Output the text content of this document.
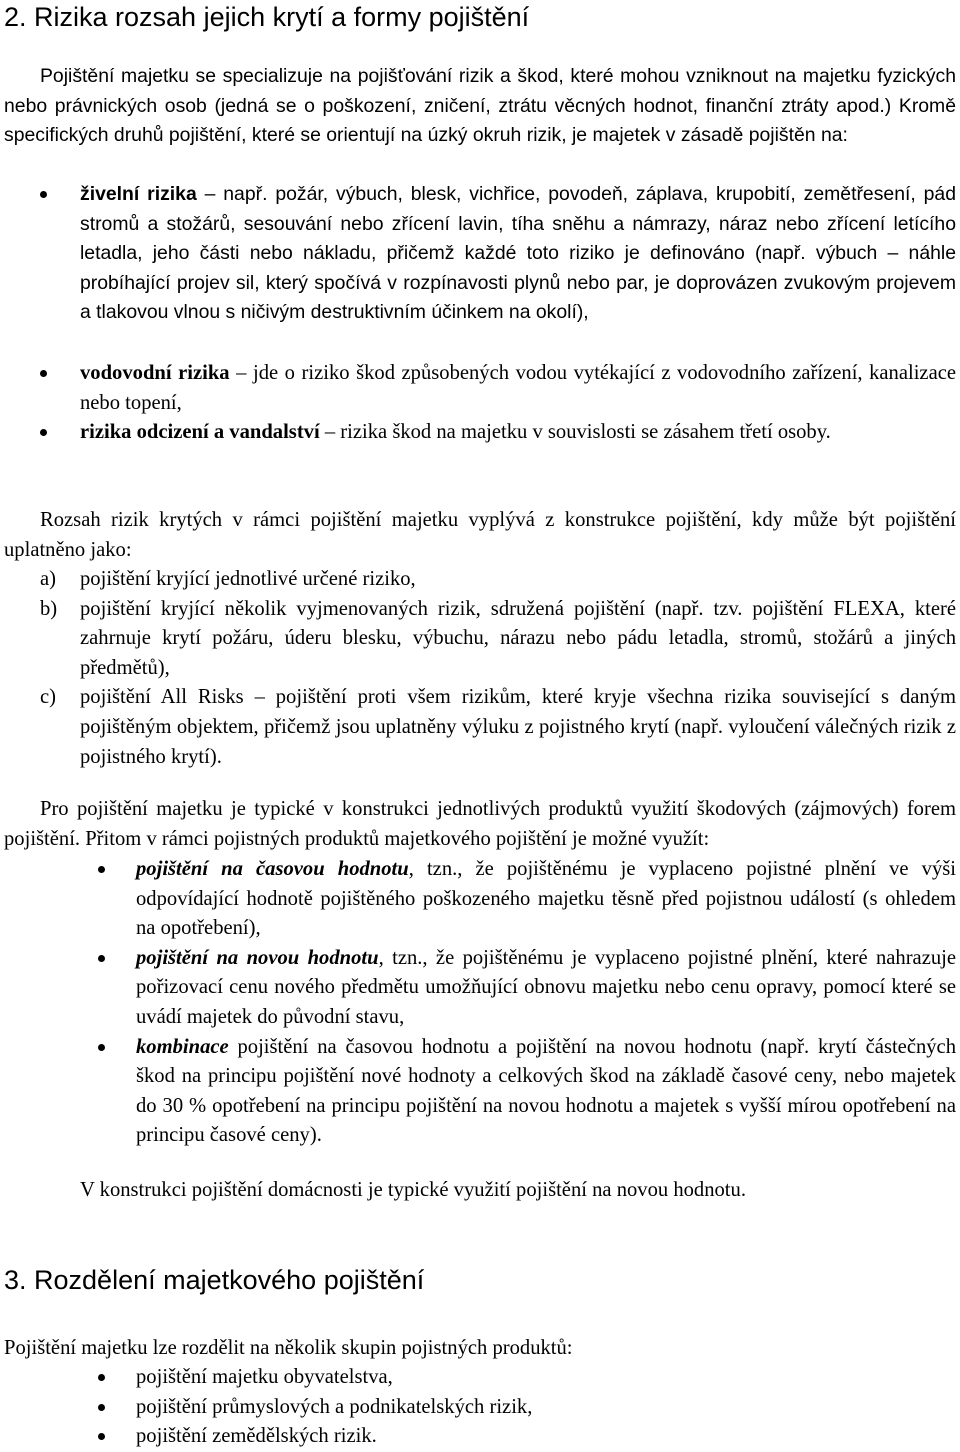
2. Rizika rozsah jejich krytí a formy pojištění

Pojištění majetku se specializuje na pojišťování rizik a škod, které mohou vzniknout na majetku fyzických nebo právnických osob (jedná se o poškození, zničení, ztrátu věcných hodnot, finanční ztráty apod.) Kromě specifických druhů pojištění, které se orientují na úzký okruh rizik, je majetek v zásadě pojištěn na:

živelní rizika – např. požár, výbuch, blesk, vichřice, povodeň, záplava, krupobití, zemětřesení, pád stromů a stožárů, sesouvání nebo zřícení lavin, tíha sněhu a námrazy, náraz nebo zřícení letícího letadla, jeho části nebo nákladu, přičemž každé toto riziko je definováno (např. výbuch – náhle probíhající projev sil, který spočívá v rozpínavosti plynů nebo par, je doprovázen zvukovým projevem a tlakovou vlnou s ničivým destruktivním účinkem na okolí),
vodovodní rizika – jde o riziko škod způsobených vodou vytékající z vodovodního zařízení, kanalizace nebo topení,
rizika odcizení a vandalství – rizika škod na majetku v souvislosti se zásahem třetí osoby.

Rozsah rizik krytých v rámci pojištění majetku vyplývá z konstrukce pojištění, kdy může být pojištění uplatněno jako:

a) pojištění kryjící jednotlivé určené riziko,
b) pojištění kryjící několik vyjmenovaných rizik, sdružená pojištění (např. tzv. pojištění FLEXA, které zahrnuje krytí požáru, úderu blesku, výbuchu, nárazu nebo pádu letadla, stromů, stožárů a jiných předmětů),
c) pojištění All Risks – pojištění proti všem rizikům, které kryje všechna rizika související s daným pojištěným objektem, přičemž jsou uplatněny výluku z pojistného krytí (např. vyloučení válečných rizik z pojistného krytí).

Pro pojištění majetku je typické v konstrukci jednotlivých produktů využití škodových (zájmových) forem pojištění. Přitom v rámci pojistných produktů majetkového pojištění je možné využít:

pojištění na časovou hodnotu, tzn., že pojištěnému je vyplaceno pojistné plnění ve výši odpovídající hodnotě pojištěného poškozeného majetku těsně před pojistnou událostí (s ohledem na opotřebení),
pojištění na novou hodnotu, tzn., že pojištěnému je vyplaceno pojistné plnění, které nahrazuje pořizovací cenu nového předmětu umožňující obnovu majetku nebo cenu opravy, pomocí které se uvádí majetek do původní stavu,
kombinace pojištění na časovou hodnotu a pojištění na novou hodnotu (např. krytí částečných škod na principu pojištění nové hodnoty a celkových škod na základě časové ceny, nebo majetek do 30 % opotřebení na principu pojištění na novou hodnotu a majetek s vyšší mírou opotřebení na principu časové ceny).

V konstrukci pojištění domácnosti je typické využití pojištění na novou hodnotu.

3. Rozdělení majetkového pojištění

Pojištění majetku lze rozdělit na několik skupin pojistných produktů:

pojištění majetku obyvatelstva,
pojištění průmyslových a podnikatelských rizik,
pojištění zemědělských rizik.
